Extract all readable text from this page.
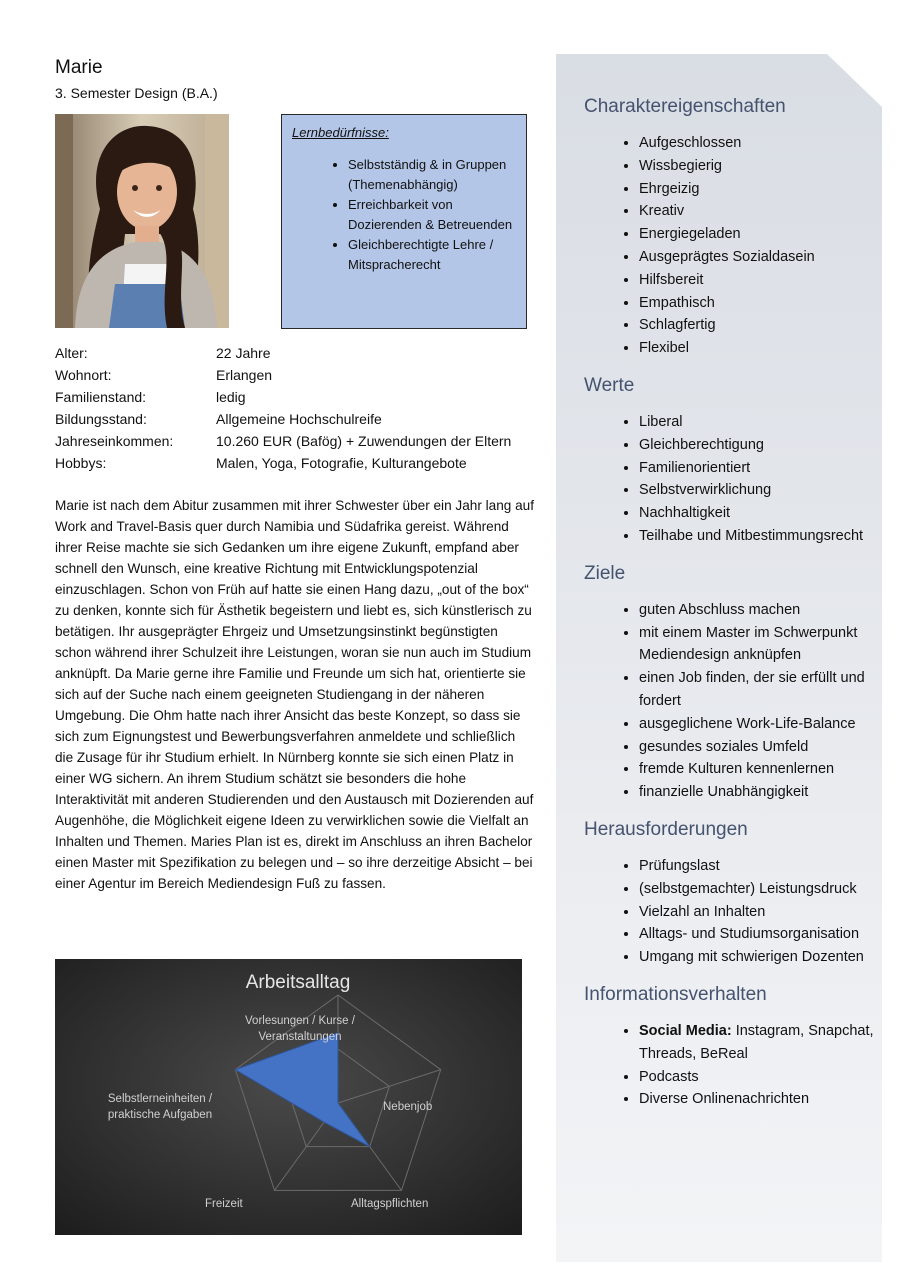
Marie
3. Semester Design (B.A.)
Lernbedürfnisse:
• Selbstständig & in Gruppen (Themenabhängig)
• Erreichbarkeit von Dozierenden & Betreuenden
• Gleichberechtigte Lehre / Mitspracherecht
Alter:	22 Jahre
Wohnort:	Erlangen
Familienstand:	ledig
Bildungsstand:	Allgemeine Hochschulreife
Jahreseinkommen:	10.260 EUR (Bafög) + Zuwendungen der Eltern
Hobbys:	Malen, Yoga, Fotografie, Kulturangebote
Marie ist nach dem Abitur zusammen mit ihrer Schwester über ein Jahr lang auf Work and Travel-Basis quer durch Namibia und Südafrika gereist. Während ihrer Reise machte sie sich Gedanken um ihre eigene Zukunft, empfand aber schnell den Wunsch, eine kreative Richtung mit Entwicklungspotenzial einzuschlagen. Schon von Früh auf hatte sie einen Hang dazu, „out of the box“ zu denken, konnte sich für Ästhetik begeistern und liebt es, sich künstlerisch zu betätigen. Ihr ausgeprägter Ehrgeiz und Umsetzungsinstinkt begünstigten schon während ihrer Schulzeit ihre Leistungen, woran sie nun auch im Studium anknüpft. Da Marie gerne ihre Familie und Freunde um sich hat, orientierte sie sich auf der Suche nach einem geeigneten Studiengang in der näheren Umgebung. Die Ohm hatte nach ihrer Ansicht das beste Konzept, so dass sie sich zum Eignungstest und Bewerbungsverfahren anmeldete und schließlich die Zusage für ihr Studium erhielt. In Nürnberg konnte sie sich einen Platz in einer WG sichern. An ihrem Studium schätzt sie besonders die hohe Interaktivität mit anderen Studierenden und den Austausch mit Dozierenden auf Augenhöhe, die Möglichkeit eigene Ideen zu verwirklichen sowie die Vielfalt an Inhalten und Themen. Maries Plan ist es, direkt im Anschluss an ihren Bachelor einen Master mit Spezifikation zu belegen und – so ihre derzeitige Absicht – bei einer Agentur im Bereich Mediendesign Fuß zu fassen.
Arbeitsalltag
Vorlesungen / Kurse / Veranstaltungen
Nebenjob
Alltagspflichten
Freizeit
Selbstlerneinheiten / praktische Aufgaben
Charaktereigenschaften
• Aufgeschlossen
• Wissbegierig
• Ehrgeizig
• Kreativ
• Energiegeladen
• Ausgeprägtes Sozialdasein
• Hilfsbereit
• Empathisch
• Schlagfertig
• Flexibel
Werte
• Liberal
• Gleichberechtigung
• Familienorientiert
• Selbstverwirklichung
• Nachhaltigkeit
• Teilhabe und Mitbestimmungsrecht
Ziele
• guten Abschluss machen
• mit einem Master im Schwerpunkt Mediendesign anknüpfen
• einen Job finden, der sie erfüllt und fordert
• ausgeglichene Work-Life-Balance
• gesundes soziales Umfeld
• fremde Kulturen kennenlernen
• finanzielle Unabhängigkeit
Herausforderungen
• Prüfungslast
• (selbstgemachter) Leistungsdruck
• Vielzahl an Inhalten
• Alltags- und Studiumsorganisation
• Umgang mit schwierigen Dozenten
Informationsverhalten
• Social Media: Instagram, Snapchat, Threads, BeReal
• Podcasts
• Diverse Onlinenachrichten
